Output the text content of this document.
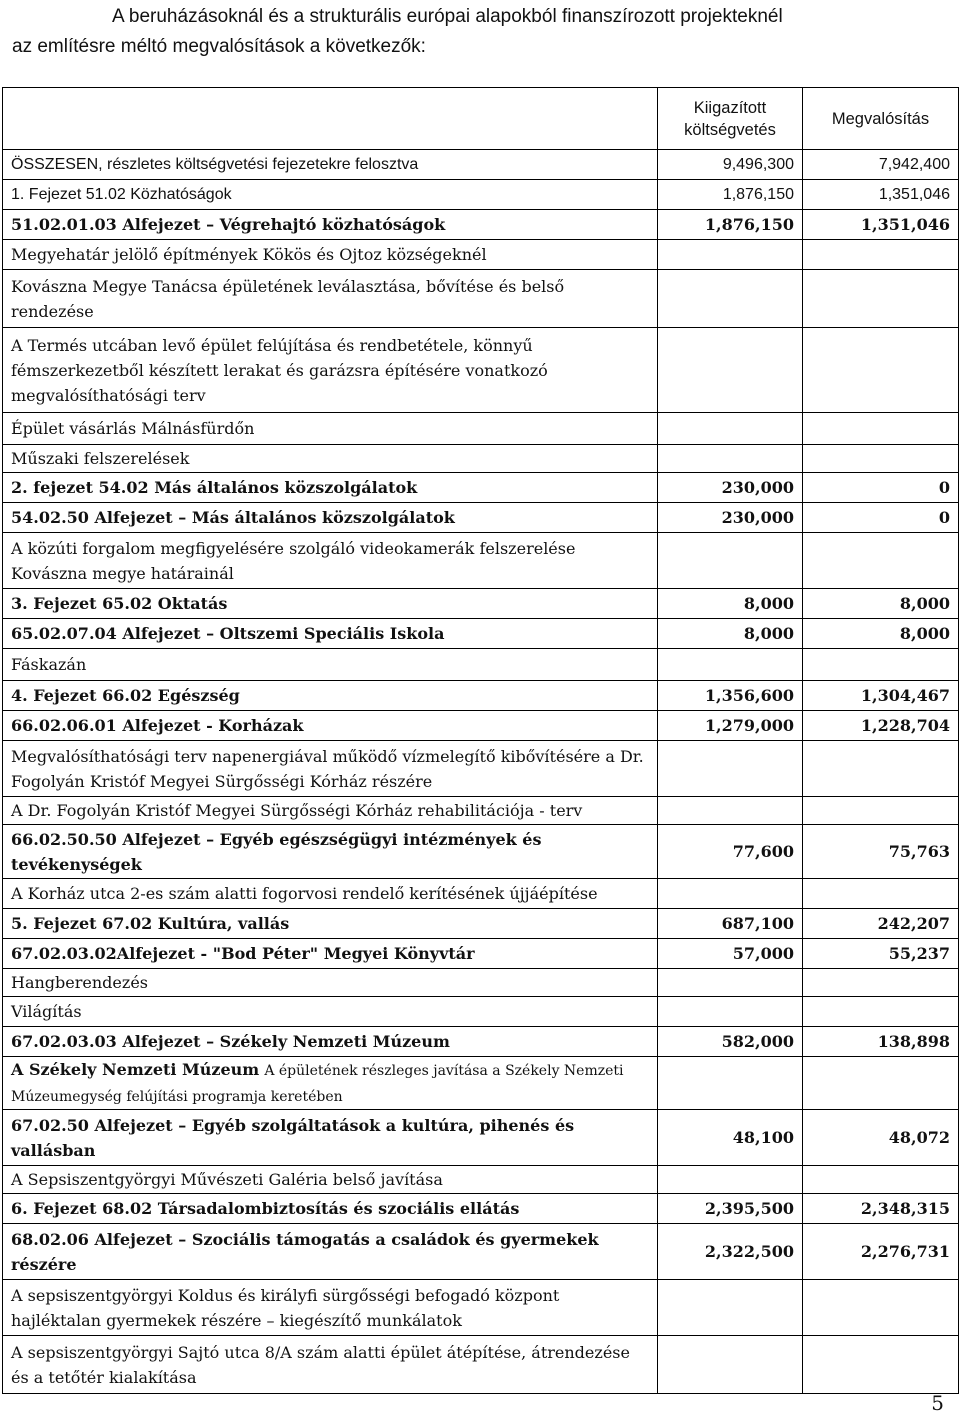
A beruházásoknál és a strukturális európai alapokból finanszírozott projekteknél
az említésre méltó megvalósítások a következők:
	Kiigazított költségvetés	Megvalósítás
ÖSSZESEN, részletes költségvetési fejezetekre felosztva	9,496,300	7,942,400
1. Fejezet 51.02 Közhatóságok	1,876,150	1,351,046
51.02.01.03 Alfejezet – Végrehajtó közhatóságok	1,876,150	1,351,046
Megyehatár jelölő építmények Kökös és Ojtoz községeknél		
Kovászna Megye Tanácsa épületének leválasztása, bővítése és belső rendezése		
A Termés utcában levő épület felújítása és rendbetétele, könnyű fémszerkezetből készített lerakat és garázsra építésére vonatkozó megvalósíthatósági terv		
Épület vásárlás Málnásfürdőn		
Műszaki felszerelések		
2. fejezet 54.02 Más általános közszolgálatok	230,000	0
54.02.50 Alfejezet – Más általános közszolgálatok	230,000	0
A közúti forgalom megfigyelésére szolgáló videokamerák felszerelése Kovászna megye határainál		
3. Fejezet 65.02 Oktatás	8,000	8,000
65.02.07.04 Alfejezet – Oltszemi Speciális Iskola	8,000	8,000
Fáskazán		
4. Fejezet 66.02 Egészség	1,356,600	1,304,467
66.02.06.01 Alfejezet - Korházak	1,279,000	1,228,704
Megvalósíthatósági terv napenergiával működő vízmelegítő kibővítésére a Dr. Fogolyán Kristóf Megyei Sürgősségi Kórház részére		
A Dr. Fogolyán Kristóf Megyei Sürgősségi Kórház rehabilitációja - terv		
66.02.50.50 Alfejezet – Egyéb egészségügyi intézmények és tevékenységek	77,600	75,763
A Korház utca 2-es szám alatti fogorvosi rendelő kerítésének újjáépítése		
5. Fejezet 67.02 Kultúra, vallás	687,100	242,207
67.02.03.02Alfejezet - "Bod Péter" Megyei Könyvtár	57,000	55,237
Hangberendezés		
Világítás		
67.02.03.03 Alfejezet – Székely Nemzeti Múzeum	582,000	138,898
A Székely Nemzeti Múzeum A épületének részleges javítása a Székely Nemzeti Múzeumegység felújítási programja keretében		
67.02.50 Alfejezet – Egyéb szolgáltatások a kultúra, pihenés és vallásban	48,100	48,072
A Sepsiszentgyörgyi Művészeti Galéria belső javítása		
6. Fejezet 68.02 Társadalombiztosítás és szociális ellátás	2,395,500	2,348,315
68.02.06 Alfejezet – Szociális támogatás a családok és gyermekek részére	2,322,500	2,276,731
A sepsiszentgyörgyi Koldus és királyfi sürgősségi befogadó központ hajléktalan gyermekek részére – kiegészítő munkálatok		
A sepsiszentgyörgyi Sajtó utca 8/A szám alatti épület átépítése, átrendezése és a tetőtér kialakítása		
5
